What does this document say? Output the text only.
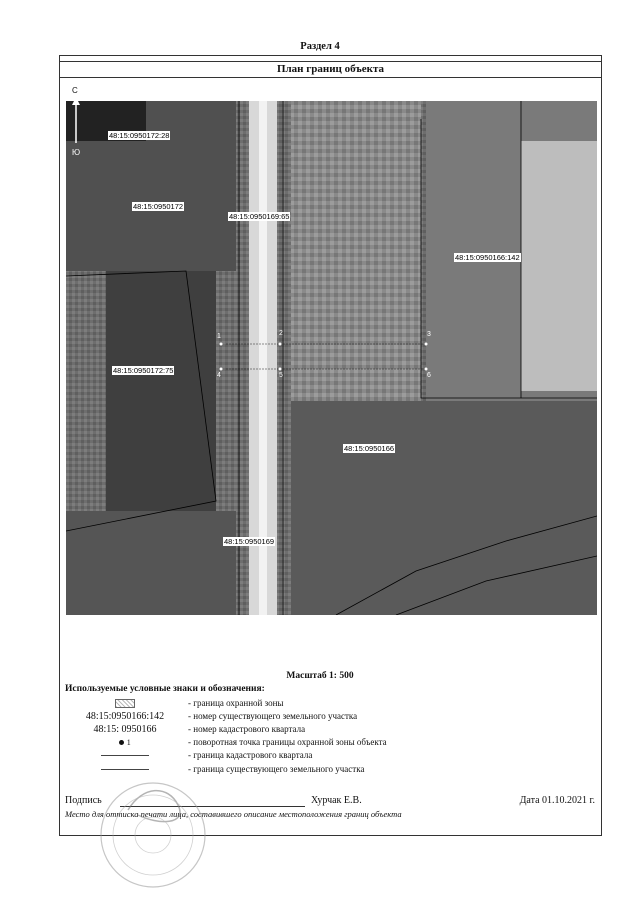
Раздел 4
План границ объекта
48:15:0950172:28
48:15:0950172
48:15:0950169:65
48:15:0950166:142
48:15:0950172:75
48:15:0950166
48:15:0950169
1	2	3
4	5	6
С
Ю
Масштаб 1: 500
Используемые условные знаки и обозначения:
- граница охранной зоны
48:15:0950166:142	- номер существующего земельного участка
48:15: 0950166	- номер кадастрового квартала
1	- поворотная точка границы охранной зоны объекта
- граница кадастрового квартала
- граница существующего земельного участка
Подпись	Хурчак Е.В.	Дата 01.10.2021 г.
Место для оттиска печати лица, составившего описание местоположения границ объекта
